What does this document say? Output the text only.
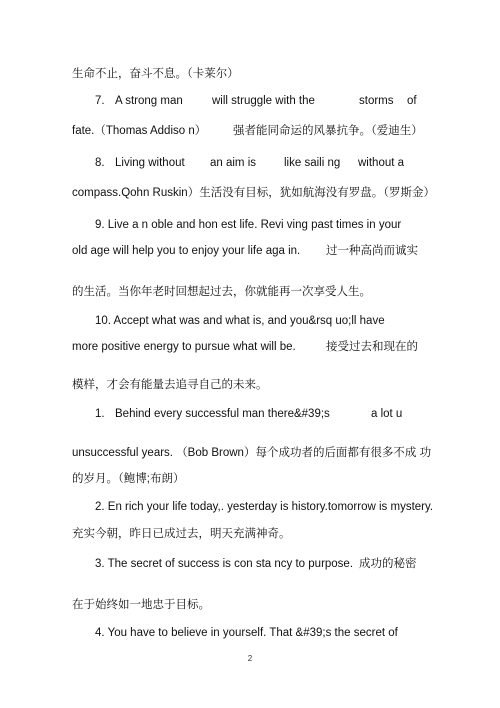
生命不止，奋斗不息。（卡莱尔）
7. A strong man	will struggle with the	storms of
fate.（Thomas Addiso n） 强者能同命运的风暴抗争。（爱迪生）
8. Living without an aim is like saili ng without a
compass.Qohn Ruskin）生活没有目标，犹如航海没有罗盘。（罗斯金）
9. Live a n oble and hon est life. Revi ving past times in your
old age will help you to enjoy your life aga in. 过一种高尚而诚实
的生活。当你年老时回想起过去，你就能再一次享受人生。
10. Accept what was and what is, and you&rsq uo;ll have
more positive energy to pursue what will be.	接受过去和现在的
模样，才会有能量去追寻自己的未来。
1. Behind every successful man there&#39;s	a lot u
unsuccessful years. （Bob Brown）每个成功者的后面都有很多不成 功
的岁月。（鲍博;布朗）
2. En rich your life today,. yesterday is history.tomorrow is mystery.
充实今朝，昨日已成过去，明天充满神奇。
3. The secret of success is con sta ncy to purpose. 成功的秘密
在于始终如一地忠于目标。
4. You have to believe in yourself. That &#39;s the secret of
2
